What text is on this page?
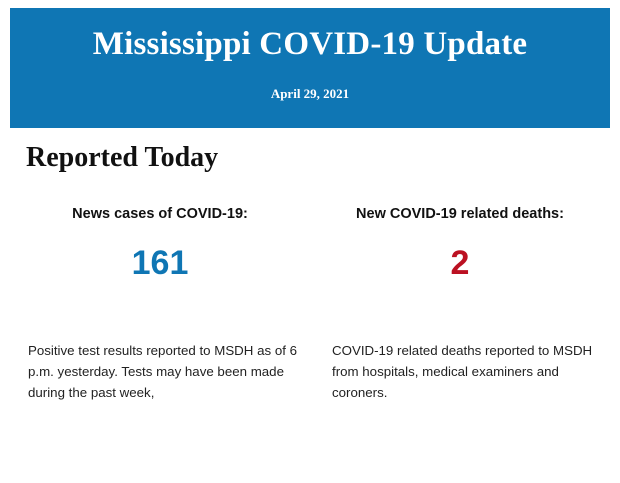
Mississippi COVID-19 Update
April 29, 2021
Reported Today
News cases of COVID-19:
161
New COVID-19 related deaths:
2
Positive test results reported to MSDH as of 6 p.m. yesterday. Tests may have been made during the past week,
COVID-19 related deaths reported to MSDH from hospitals, medical examiners and coroners.
